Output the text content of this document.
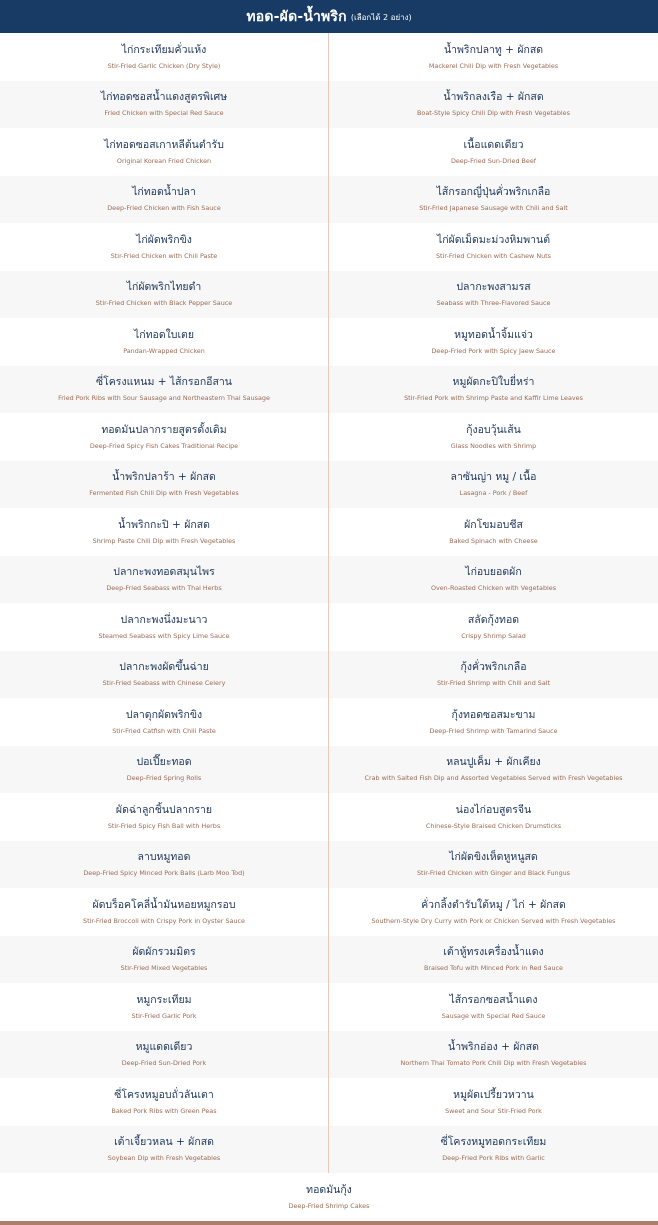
ทอด-ผัด-น้ำพริก (เลือกได้ 2 อย่าง)
ไก่กระเทียมคั่วแห้ง
Stir-Fried Garlic Chicken (Dry Style)
น้ำพริกปลาทู + ผักสด
Mackerel Chili Dip with Fresh Vegetables
ไก่ทอดซอสน้ำแดงสูตรพิเศษ
Fried Chicken with Special Red Sauce
น้ำพริกลงเรือ + ผักสด
Boat-Style Spicy Chili Dip with Fresh Vegetables
ไก่ทอดซอสเกาหลีต้นตำรับ
Original Korean Fried Chicken
เนื้อแดดเดียว
Deep-Fried Sun-Dried Beef
ไก่ทอดน้ำปลา
Deep-Fried Chicken with Fish Sauce
ไส้กรอกญี่ปุ่นคั่วพริกเกลือ
Stir-Fried Japanese Sausage with Chili and Salt
ไก่ผัดพริกขิง
Stir-Fried Chicken with Chili Paste
ไก่ผัดเม็ดมะม่วงหิมพานต์
Stir-Fried Chicken with Cashew Nuts
ไก่ผัดพริกไทยดำ
Stir-Fried Chicken with Black Pepper Sauce
ปลากะพงสามรส
Seabass with Three-Flavored Sauce
ไก่ทอดใบเตย
Pandan-Wrapped Chicken
หมูทอดน้ำจิ้มแจ่ว
Deep-Fried Pork with Spicy Jaew Sauce
ซี่โครงแหนม + ไส้กรอกอีสาน
Fried Pork Ribs with Sour Sausage and Northeastern Thai Sausage
หมูผัดกะปิใบยี่หร่า
Stir-Fried Pork with Shrimp Paste and Kaffir Lime Leaves
ทอดมันปลากรายสูตรดั้งเดิม
Deep-Fried Spicy Fish Cakes Traditional Recipe
กุ้งอบวุ้นเส้น
Glass Noodles with Shrimp
น้ำพริกปลาร้า + ผักสด
Fermented Fish Chili Dip with Fresh Vegetables
ลาซันญ่า หมู / เนื้อ
Lasagna - Pork / Beef
น้ำพริกกะปิ + ผักสด
Shrimp Paste Chili Dip with Fresh Vegetables
ผักโขมอบชีส
Baked Spinach with Cheese
ปลากะพงทอดสมุนไพร
Deep-Fried Seabass with Thai Herbs
ไก่อบยอดผัก
Oven-Roasted Chicken with Vegetables
ปลากะพงนึ่งมะนาว
Steamed Seabass with Spicy Lime Sauce
สลัดกุ้งทอด
Crispy Shrimp Salad
ปลากะพงผัดขึ้นฉ่าย
Stir-Fried Seabass with Chinese Celery
กุ้งคั่วพริกเกลือ
Stir-Fried Shrimp with Chili and Salt
ปลาดุกผัดพริกขิง
Stir-Fried Catfish with Chili Paste
กุ้งทอดซอสมะขาม
Deep-Fried Shrimp with Tamarind Sauce
ปอเปี๊ยะทอด
Deep-Fried Spring Rolls
หลนปูเค็ม + ผักเคียง
Crab with Salted Fish Dip and Assorted Vegetables Served with Fresh Vegetables
ผัดฉ่าลูกชิ้นปลากราย
Stir-Fried Spicy Fish Ball with Herbs
น่องไก่อบสูตรจีน
Chinese-Style Braised Chicken Drumsticks
ลาบหมูทอด
Deep-Fried Spicy Minced Pork Balls (Larb Moo Tod)
ไก่ผัดขิงเห็ดหูหนูสด
Stir-Fried Chicken with Ginger and Black Fungus
ผัดบร็อคโคลี่น้ำมันหอยหมูกรอบ
Stir-Fried Broccoli with Crispy Pork in Oyster Sauce
คั่วกลิ้งตำรับใต้หมู / ไก่ + ผักสด
Southern-Style Dry Curry with Pork or Chicken Served with Fresh Vegetables
ผัดผักรวมมิตร
Stir-Fried Mixed Vegetables
เต้าหู้ทรงเครื่องน้ำแดง
Braised Tofu with Minced Pork in Red Sauce
หมูกระเทียม
Stir-Fried Garlic Pork
ไส้กรอกซอสน้ำแดง
Sausage with Special Red Sauce
หมูแดดเดียว
Deep-Fried Sun-Dried Pork
น้ำพริกอ่อง + ผักสด
Northern Thai Tomato Pork Chili Dip with Fresh Vegetables
ซี่โครงหมูอบถั่วลันเตา
Baked Pork Ribs with Green Peas
หมูผัดเปรี้ยวหวาน
Sweet and Sour Stir-Fried Pork
เต้าเจี้ยวหลน + ผักสด
Soybean Dip with Fresh Vegetables
ซี่โครงหมูทอดกระเทียม
Deep-Fried Pork Ribs with Garlic
ทอดมันกุ้ง
Deep-Fried Shrimp Cakes
